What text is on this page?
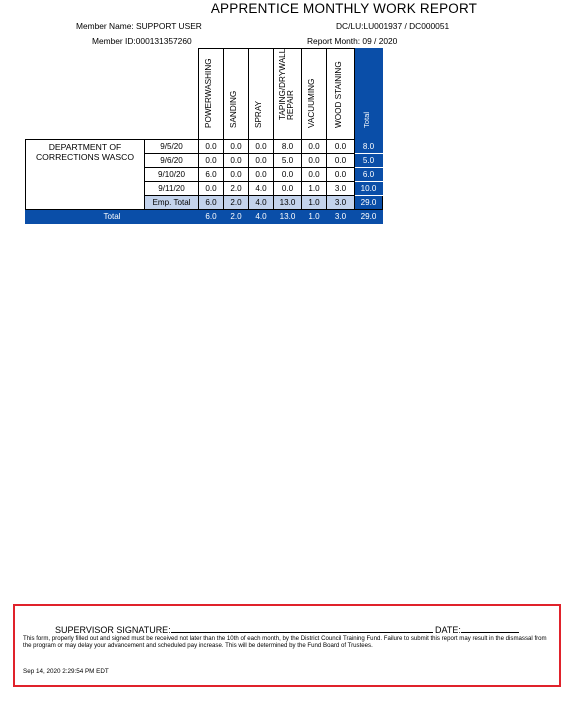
APPRENTICE MONTHLY WORK REPORT
Member Name: SUPPORT USER
Member ID:000131357260
DC/LU:LU001937 / DC000051
Report Month: 09 / 2020

		POWERWASHING	SANDING	SPRAY	TAPING/DRYWALL REPAIR	VACUUMING	WOOD STAINING	Total

DEPARTMENT OF CORRECTIONS WASCO	9/5/20	0.0	0.0	0.0	8.0	0.0	0.0	8.0
	9/6/20	0.0	0.0	0.0	5.0	0.0	0.0	5.0
	9/10/20	6.0	0.0	0.0	0.0	0.0	0.0	6.0
	9/11/20	0.0	2.0	4.0	0.0	1.0	3.0	10.0
	Emp. Total	6.0	2.0	4.0	13.0	1.0	3.0	29.0
Total		6.0	2.0	4.0	13.0	1.0	3.0	29.0
SUPERVISOR SIGNATURE:	DATE:
This form, properly filled out and signed must be received not later than the 10th of each month, by the District Council Training Fund. Failure to submit this report may result in the dismassal from the program or may delay your advancement and scheduled pay increase. This will be determined by the Fund Board of Trustees.
Sep 14, 2020 2:29:54 PM EDT
